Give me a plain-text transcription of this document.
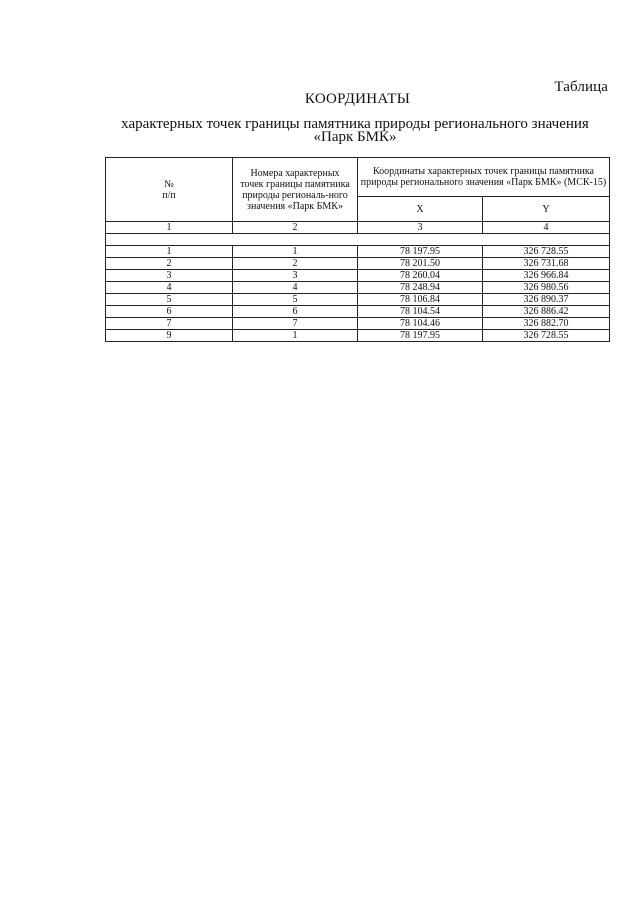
Таблица
КООРДИНАТЫ
характерных точек границы памятника природы регионального значения
«Парк БМК»
№
п/п	Номера характерных точек границы памятника природы региональ-ного значения «Парк БМК»	Координаты характерных точек границы памятника природы регионального значения «Парк БМК» (МСК-15)	
		X	Y
1	2	3	4

1	1	78 197.95	326 728.55
2	2	78 201.50	326 731.68
3	3	78 260.04	326 966.84
4	4	78 248.94	326 980.56
5	5	78 106.84	326 890.37
6	6	78 104.54	326 886.42
7	7	78 104.46	326 882.70
9	1	78 197.95	326 728.55
